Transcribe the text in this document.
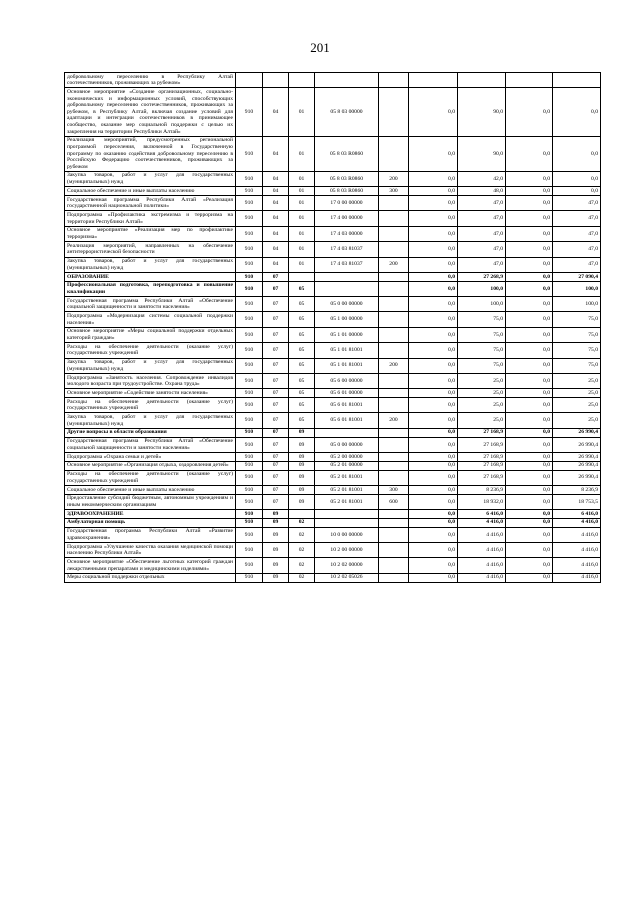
201
добровольному переселению в Республику Алтай соотечественников, проживающих за рубежом»									
Основное мероприятие «Создание организационных, социально-экономических и информационных условий, способствующих добровольному переселению соотечественников, проживающих за рубежом, в Республику Алтай, включая создание условий для адаптации и интеграции соотечественников в принимающее сообщество, оказание мер социальной поддержки с целью их закрепления на территории Республики Алтай»	910	04	01	05 8 03 00000		0,0	90,0	0,0	0,0
Реализация мероприятий, предусмотренных региональной программой переселения, включенной в Государственную программу по оказанию содействия добровольному переселению в Российскую Федерацию соотечественников, проживающих за рубежом	910	04	01	05 8 03 R0860		0,0	90,0	0,0	0,0
Закупка товаров, работ и услуг для государственных (муниципальных) нужд	910	04	01	05 8 03 R0860	200	0,0	42,0	0,0	0,0
Социальное обеспечение и иные выплаты населению	910	04	01	05 8 03 R0860	300	0,0	48,0	0,0	0,0
Государственная программа Республики Алтай «Реализация государственной национальной политики»	910	04	01	17 0 00 00000		0,0	47,0	0,0	47,0
Подпрограмма «Профилактика экстремизма и терроризма на территории Республики Алтай»	910	04	01	17 4 00 00000		0,0	47,0	0,0	47,0
Основное мероприятие «Реализация мер по профилактике терроризма»	910	04	01	17 4 03 00000		0,0	47,0	0,0	47,0
Реализация мероприятий, направленных на обеспечение антитеррористической безопасности	910	04	01	17 4 03 81037		0,0	47,0	0,0	47,0
Закупка товаров, работ и услуг для государственных (муниципальных) нужд	910	04	01	17 4 03 81037	200	0,0	47,0	0,0	47,0
ОБРАЗОВАНИЕ	910	07				0,0	27 268,9	0,0	27 090,4
Профессиональная подготовка, переподготовка и повышение квалификации	910	07	05			0,0	100,0	0,0	100,0
Государственная программа Республики Алтай «Обеспечение социальной защищенности и занятости населения»	910	07	05	05 0 00 00000		0,0	100,0	0,0	100,0
Подпрограмма «Модернизация системы социальной поддержки населения»	910	07	05	05 1 00 00000		0,0	75,0	0,0	75,0
Основное мероприятие «Меры социальной поддержки отдельных категорий граждан»	910	07	05	05 1 01 00000		0,0	75,0	0,0	75,0
Расходы на обеспечение деятельности (оказание услуг) государственных учреждений	910	07	05	05 1 01 81001		0,0	75,0	0,0	75,0
Закупка товаров, работ и услуг для государственных (муниципальных) нужд	910	07	05	05 1 01 81001	200	0,0	75,0	0,0	75,0
Подпрограмма «Занятость населения. Сопровождение инвалидов молодого возраста при трудоустройстве. Охрана труда»	910	07	05	05 6 00 00000		0,0	25,0	0,0	25,0
Основное мероприятие «Содействие занятости населения»	910	07	05	05 6 01 00000		0,0	25,0	0,0	25,0
Расходы на обеспечение деятельности (оказание услуг) государственных учреждений	910	07	05	05 6 01 81001		0,0	25,0	0,0	25,0
Закупка товаров, работ и услуг для государственных (муниципальных) нужд	910	07	05	05 6 01 81001	200	0,0	25,0	0,0	25,0
Другие вопросы в области образования	910	07	09			0,0	27 168,9	0,0	26 990,4
Государственная программа Республики Алтай «Обеспечение социальной защищенности и занятости населения»	910	07	09	05 0 00 00000		0,0	27 168,9	0,0	26 990,4
Подпрограмма «Охрана семьи и детей»	910	07	09	05 2 00 00000		0,0	27 168,9	0,0	26 990,4
Основное мероприятие «Организация отдыха, оздоровления детей»	910	07	09	05 2 01 00000		0,0	27 168,9	0,0	26 990,4
Расходы на обеспечение деятельности (оказание услуг) государственных учреждений	910	07	09	05 2 01 81001		0,0	27 168,9	0,0	26 990,4
Социальное обеспечение и иные выплаты населению	910	07	09	05 2 01 81001	300	0,0	8 236,9	0,0	8 236,9
Предоставление субсидий бюджетным, автономным учреждениям и иным некоммерческим организациям	910	07	09	05 2 01 81001	600	0,0	18 932,0	0,0	18 753,5
ЗДРАВООХРАНЕНИЕ	910	09				0,0	6 416,0	0,0	6 416,0
Амбулаторная помощь	910	09	02			0,0	4 416,0	0,0	4 416,0
Государственная программа Республики Алтай «Развитие здравоохранения»	910	09	02	10 0 00 00000		0,0	4 416,0	0,0	4 416,0
Подпрограмма «Улучшение качества оказания медицинской помощи населению Республики Алтай»	910	09	02	10 2 00 00000		0,0	4 416,0	0,0	4 416,0
Основное мероприятие «Обеспечение льготных категорий граждан лекарственными препаратами и медицинскими изделиями»	910	09	02	10 2 02 00000		0,0	4 416,0	0,0	4 416,0
Меры социальной поддержки отдельных	910	09	02	10 2 02 05026		0,0	4 416,0	0,0	4 416,0
